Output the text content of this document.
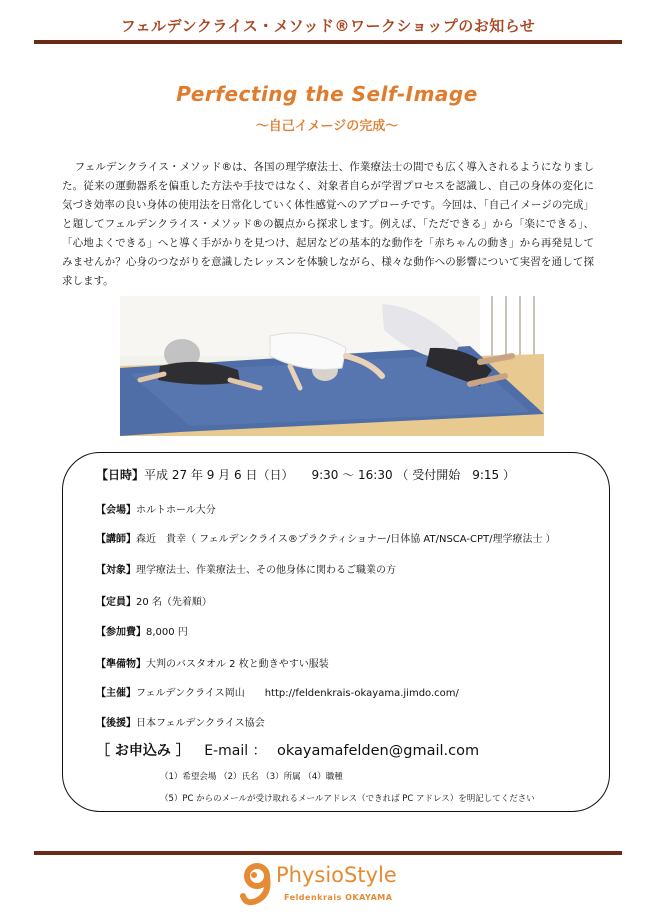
フェルデンクライス・メソッド®ワークショップのお知らせ
Perfecting the Self-Image
～自己イメージの完成～
フェルデンクライス・メソッド®は、各国の理学療法士、作業療法士の間でも広く導入されるようになりました。従来の運動器系を偏重した方法や手技ではなく、対象者自らが学習プロセスを認識し、自己の身体の変化に気づき効率の良い身体の使用法を日常化していく体性感覚へのアプローチです。今回は、「自己イメージの完成」と題してフェルデンクライス・メソッド®の観点から探求します。例えば、「ただできる」から「楽にできる」、「心地よくできる」へと導く手がかりを見つけ、起居などの基本的な動作を「赤ちゃんの動き」から再発見してみませんか？心身のつながりを意識したレッスンを体験しながら、様々な動作への影響について実習を通して探求します。
【日時】平成 27 年 9 月 6 日（日）　　9:30 ～ 16:30 （ 受付開始　9:15 ）
【会場】ホルトホール大分
【講師】森近　貴幸（ フェルデンクライス®プラクティショナー/日体協 AT/NSCA-CPT/理学療法士 ）
【対象】理学療法士、作業療法士、その他身体に関わるご職業の方
【定員】20 名（先着順）
【参加費】8,000 円
【準備物】大判のバスタオル 2 枚と動きやすい服装
【主催】フェルデンクライス岡山　　http://feldenkrais-okayama.jimdo.com/
【後援】日本フェルデンクライス協会
［ お申込み ］ E-mail ： okayamafelden@gmail.com
（1）希望会場 （2）氏名 （3）所属 （4）職種
（5）PC からのメールが受け取れるメールアドレス（できれば PC アドレス）を明記してください
PhysioStyle
Feldenkrais OKAYAMA
